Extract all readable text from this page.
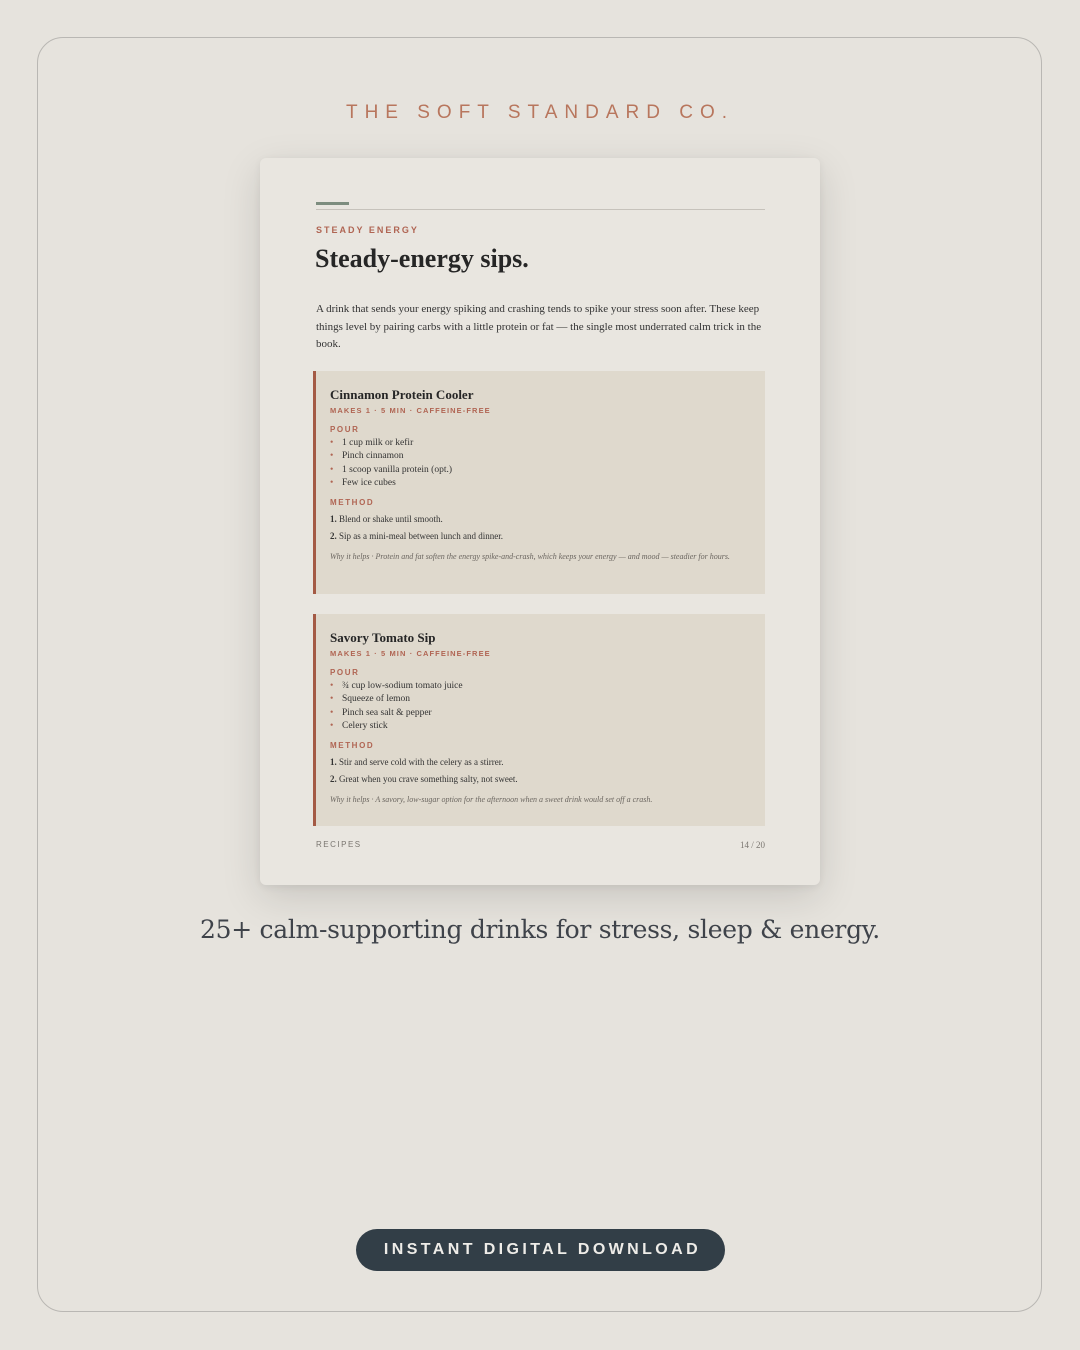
THE SOFT STANDARD CO.
STEADY ENERGY
Steady-energy sips.

A drink that sends your energy spiking and crashing tends to spike your stress soon after. These keep things level by pairing carbs with a little protein or fat — the single most underrated calm trick in the book.

Cinnamon Protein Cooler
MAKES 1 · 5 MIN · CAFFEINE-FREE
POUR
• 1 cup milk or kefir
• Pinch cinnamon
• 1 scoop vanilla protein (opt.)
• Few ice cubes
METHOD
1. Blend or shake until smooth.
2. Sip as a mini-meal between lunch and dinner.
Why it helps · Protein and fat soften the energy spike-and-crash, which keeps your energy — and mood — steadier for hours.
Savory Tomato Sip
MAKES 1 · 5 MIN · CAFFEINE-FREE
POUR
• ¾ cup low-sodium tomato juice
• Squeeze of lemon
• Pinch sea salt & pepper
• Celery stick
METHOD
1. Stir and serve cold with the celery as a stirrer.
2. Great when you crave something salty, not sweet.
Why it helps · A savory, low-sugar option for the afternoon when a sweet drink would set off a crash.
RECIPES	14 / 20
25+ calm-supporting drinks for stress, sleep & energy.
INSTANT DIGITAL DOWNLOAD
